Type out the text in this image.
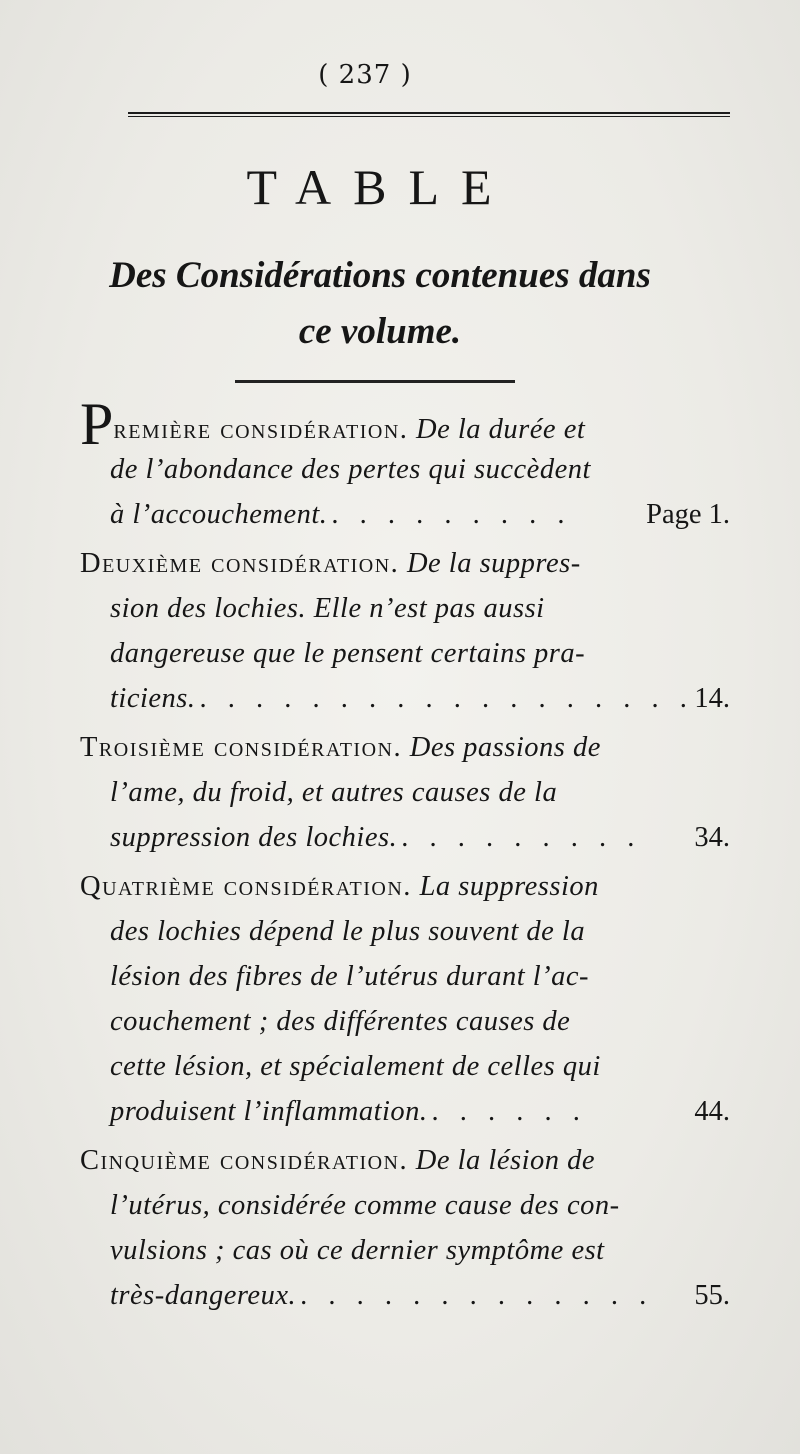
( 237 )
TABLE
Des Considérations contenues dans
ce volume.
Première considération. De la durée et
de l’abondance des pertes qui succèdent
à l’accouchement. . . . . . . . . .	Page 1.
Deuxième considération. De la suppres-
sion des lochies. Elle n’est pas aussi
dangereuse que le pensent certains pra-
ticiens. . . . . . . . . . . . . . . . . . . 14.
Troisième considération. Des passions de
l’ame, du froid, et autres causes de la
suppression des lochies. . . . . . . . . . 34.
Quatrième considération. La suppression
des lochies dépend le plus souvent de la
lésion des fibres de l’utérus durant l’ac-
couchement ; des différentes causes de
cette lésion, et spécialement de celles qui
produisent l’inflammation. . . . . . .	44.
Cinquième considération. De la lésion de
l’utérus, considérée comme cause des con-
vulsions ; cas où ce dernier symptôme est
très-dangereux. . . . . . . . . . . . . . 55.
